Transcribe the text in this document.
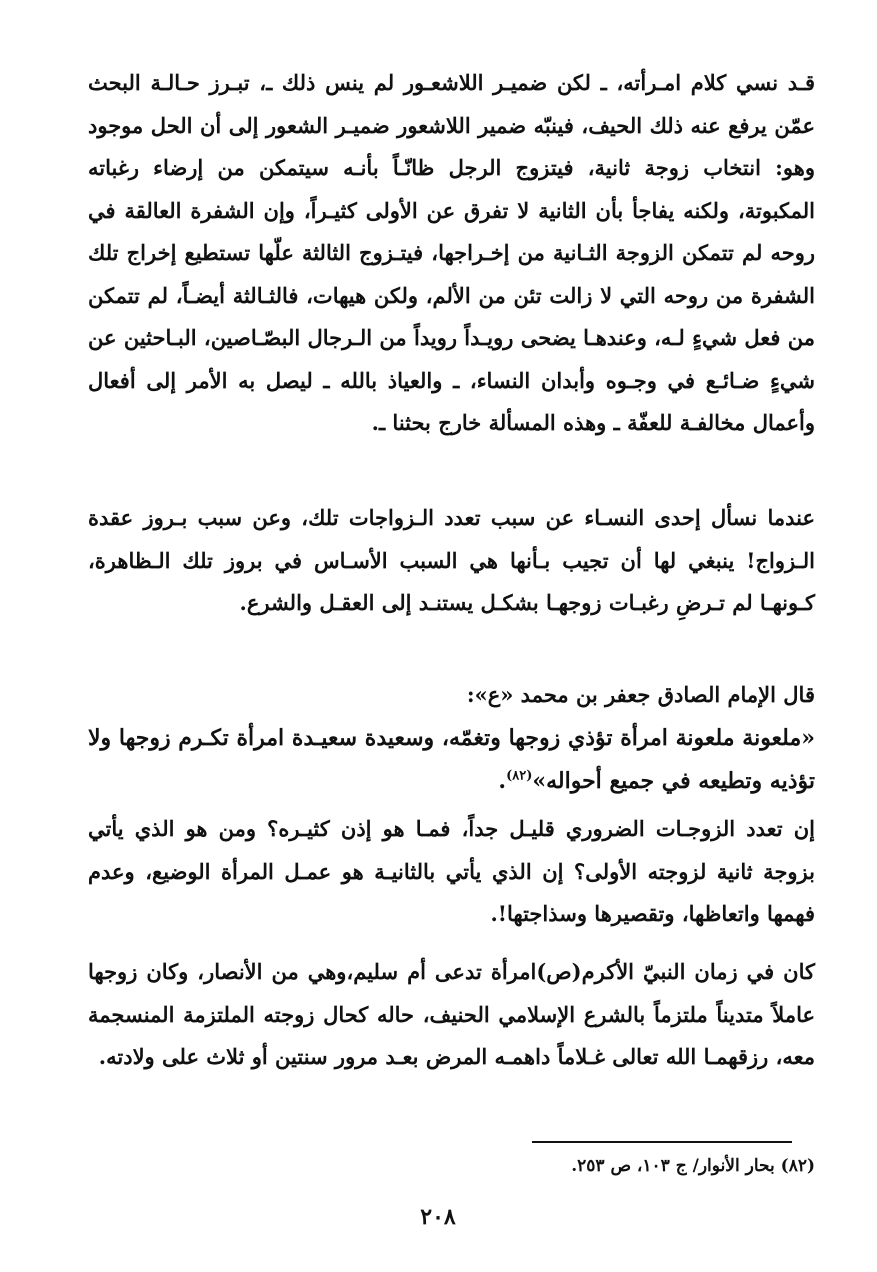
قـد نسي كلام امـرأته، ـ لكن ضميـر اللاشعـور لم ينس ذلك ـ، تبـرز حـالـة البحث عمّن يرفع عنه ذلك الحيف، فينبّه ضمير اللاشعور ضميـر الشعور إلى أن الحل موجود وهو: انتخاب زوجة ثانية، فيتزوج الرجل ظانّـاً بأنـه سيتمكن من إرضاء رغباته المكبوتة، ولكنه يفاجأ بأن الثانية لا تفرق عن الأولى كثيـراً، وإن الشفرة العالقة في روحه لم تتمكن الزوجة الثـانية من إخـراجها، فيتـزوج الثالثة علّها تستطيع إخراج تلك الشفرة من روحه التي لا زالت تئن من الألم، ولكن هيهات، فالثـالثة أيضـاً، لم تتمكن من فعل شيءٍ لـه، وعندهـا يضحى رويـداً رويداً من الـرجال البصّـاصين، البـاحثين عن شيءٍ ضـائـع في وجـوه وأبدان النساء، ـ والعياذ بالله ـ ليصل به الأمر إلى أفعال وأعمال مخالفـة للعفّة ـ وهذه المسألة خارج بحثنا ـ.

عندما نسأل إحدى النسـاء عن سبب تعدد الـزواجات تلك، وعن سبب بـروز عقدة الـزواج! ينبغي لها أن تجيب بـأنها هي السبب الأسـاس في بروز تلك الـظاهرة، كـونهـا لم تـرضِ رغبـات زوجهـا بشكـل يستنـد إلى العقـل والشرع.

قال الإمام الصادق جعفر بن محمد «ع»:

«ملعونة ملعونة امرأة تؤذي زوجها وتغمّه، وسعيدة سعيـدة امرأة تكـرم زوجها ولا تؤذيه وتطيعه في جميع أحواله»$^{(٨٢)}$.

إن تعدد الزوجـات الضروري قليـل جداً، فمـا هو إذن كثيـره؟ ومن هو الذي يأتي بزوجة ثانية لزوجته الأولى؟ إن الذي يأتي بالثانيـة هو عمـل المرأة الوضيع، وعدم فهمها واتعاظها، وتقصيرها وسذاجتها!.

كان في زمان النبيّ الأكرم(ص)امرأة تدعى أم سليم،وهي من الأنصار، وكان زوجها عاملاً متديناً ملتزماً بالشرع الإسلامي الحنيف، حاله كحال زوجته الملتزمة المنسجمة معه، رزقهمـا الله تعالى غـلاماً داهمـه المرض بعـد مرور سنتين أو ثلاث على ولادته.

(٨٢) بحار الأنوار/ ج ١٠٣، ص ٢٥٣.

٢٠٨
